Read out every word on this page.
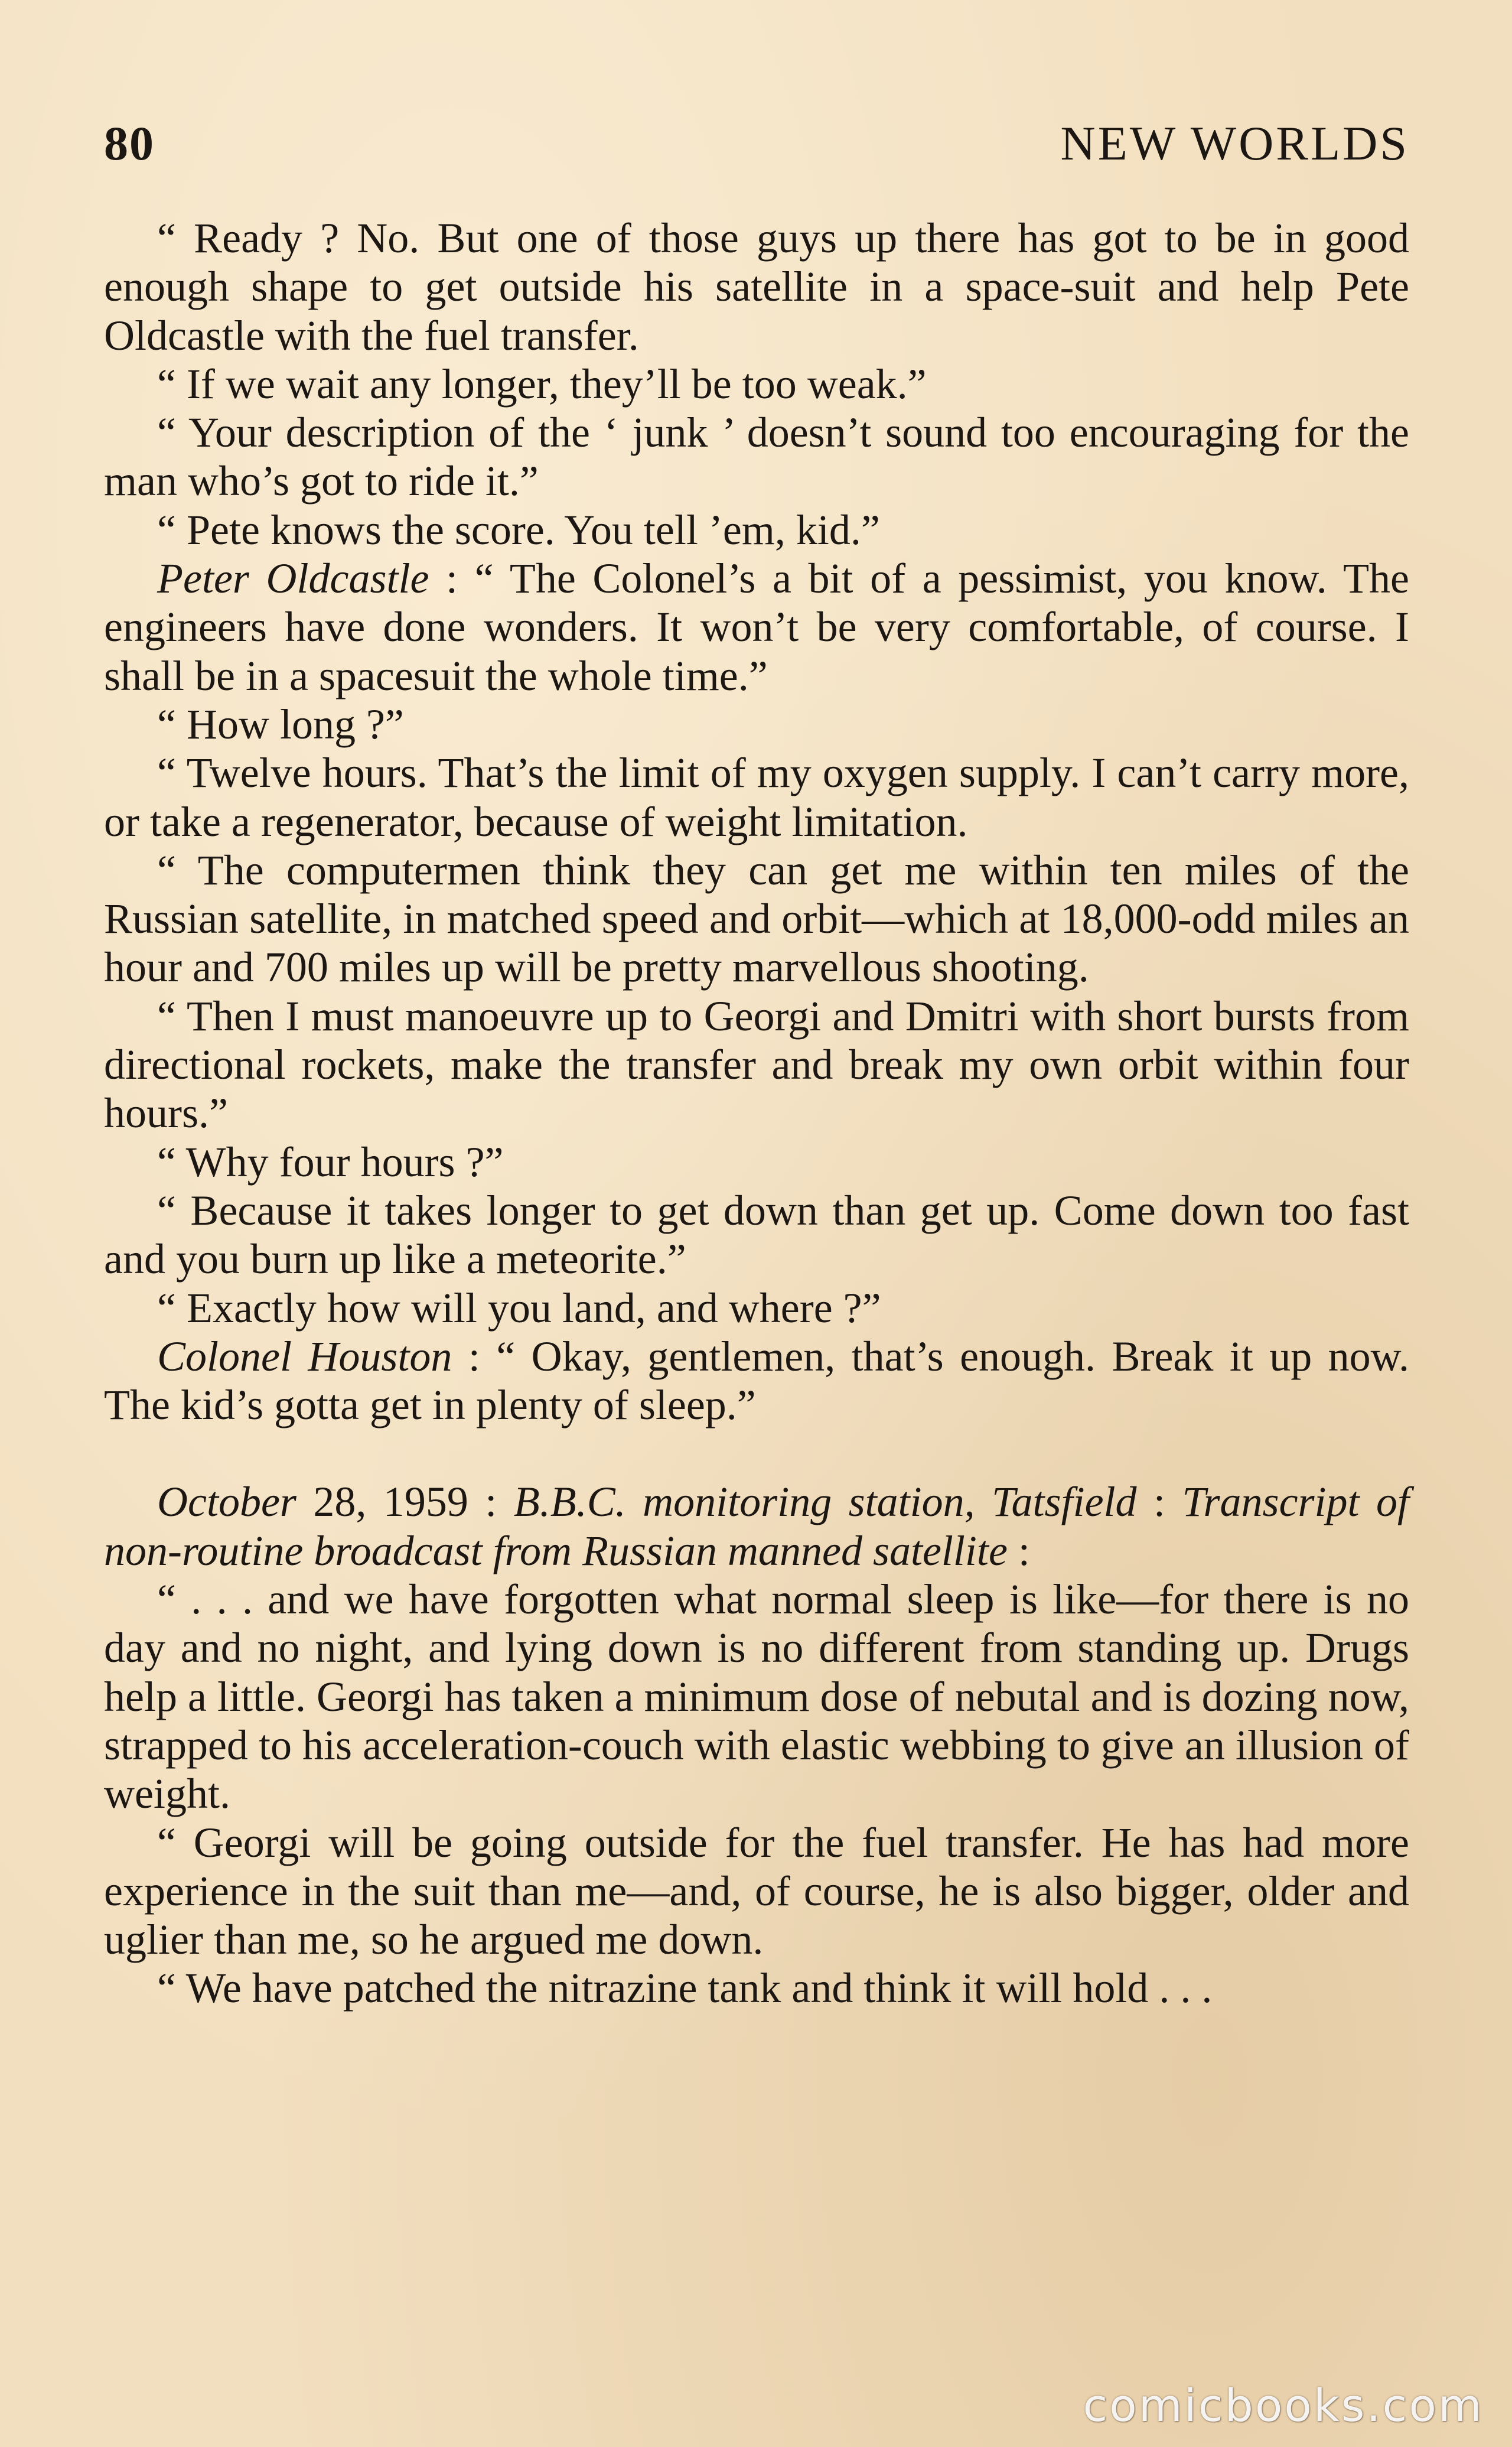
80	NEW WORLDS

“ Ready ? No. But one of those guys up there has got to be in good enough shape to get outside his satellite in a space-suit and help Pete Oldcastle with the fuel transfer.

“ If we wait any longer, they’ll be too weak.”

“ Your description of the ‘ junk ’ doesn’t sound too encouraging for the man who’s got to ride it.”

“ Pete knows the score. You tell ’em, kid.”

Peter Oldcastle : “ The Colonel’s a bit of a pessimist, you know. The engineers have done wonders. It won’t be very comfortable, of course. I shall be in a spacesuit the whole time.”

“ How long ?”

“ Twelve hours. That’s the limit of my oxygen supply. I can’t carry more, or take a regenerator, because of weight limitation.

“ The computermen think they can get me within ten miles of the Russian satellite, in matched speed and orbit—which at 18,000-odd miles an hour and 700 miles up will be pretty marvellous shooting.

“ Then I must manoeuvre up to Georgi and Dmitri with short bursts from directional rockets, make the transfer and break my own orbit within four hours.”

“ Why four hours ?”

“ Because it takes longer to get down than get up. Come down too fast and you burn up like a meteorite.”

“ Exactly how will you land, and where ?”

Colonel Houston : “ Okay, gentlemen, that’s enough. Break it up now. The kid’s gotta get in plenty of sleep.”

October 28, 1959 : B.B.C. monitoring station, Tatsfield : Transcript of non-routine broadcast from Russian manned satellite :

“ . . . and we have forgotten what normal sleep is like—for there is no day and no night, and lying down is no different from standing up. Drugs help a little. Georgi has taken a minimum dose of nebutal and is dozing now, strapped to his acceleration-couch with elastic webbing to give an illusion of weight.

“ Georgi will be going outside for the fuel transfer. He has had more experience in the suit than me—and, of course, he is also bigger, older and uglier than me, so he argued me down.

“ We have patched the nitrazine tank and think it will hold . . .

comicbooks.com
